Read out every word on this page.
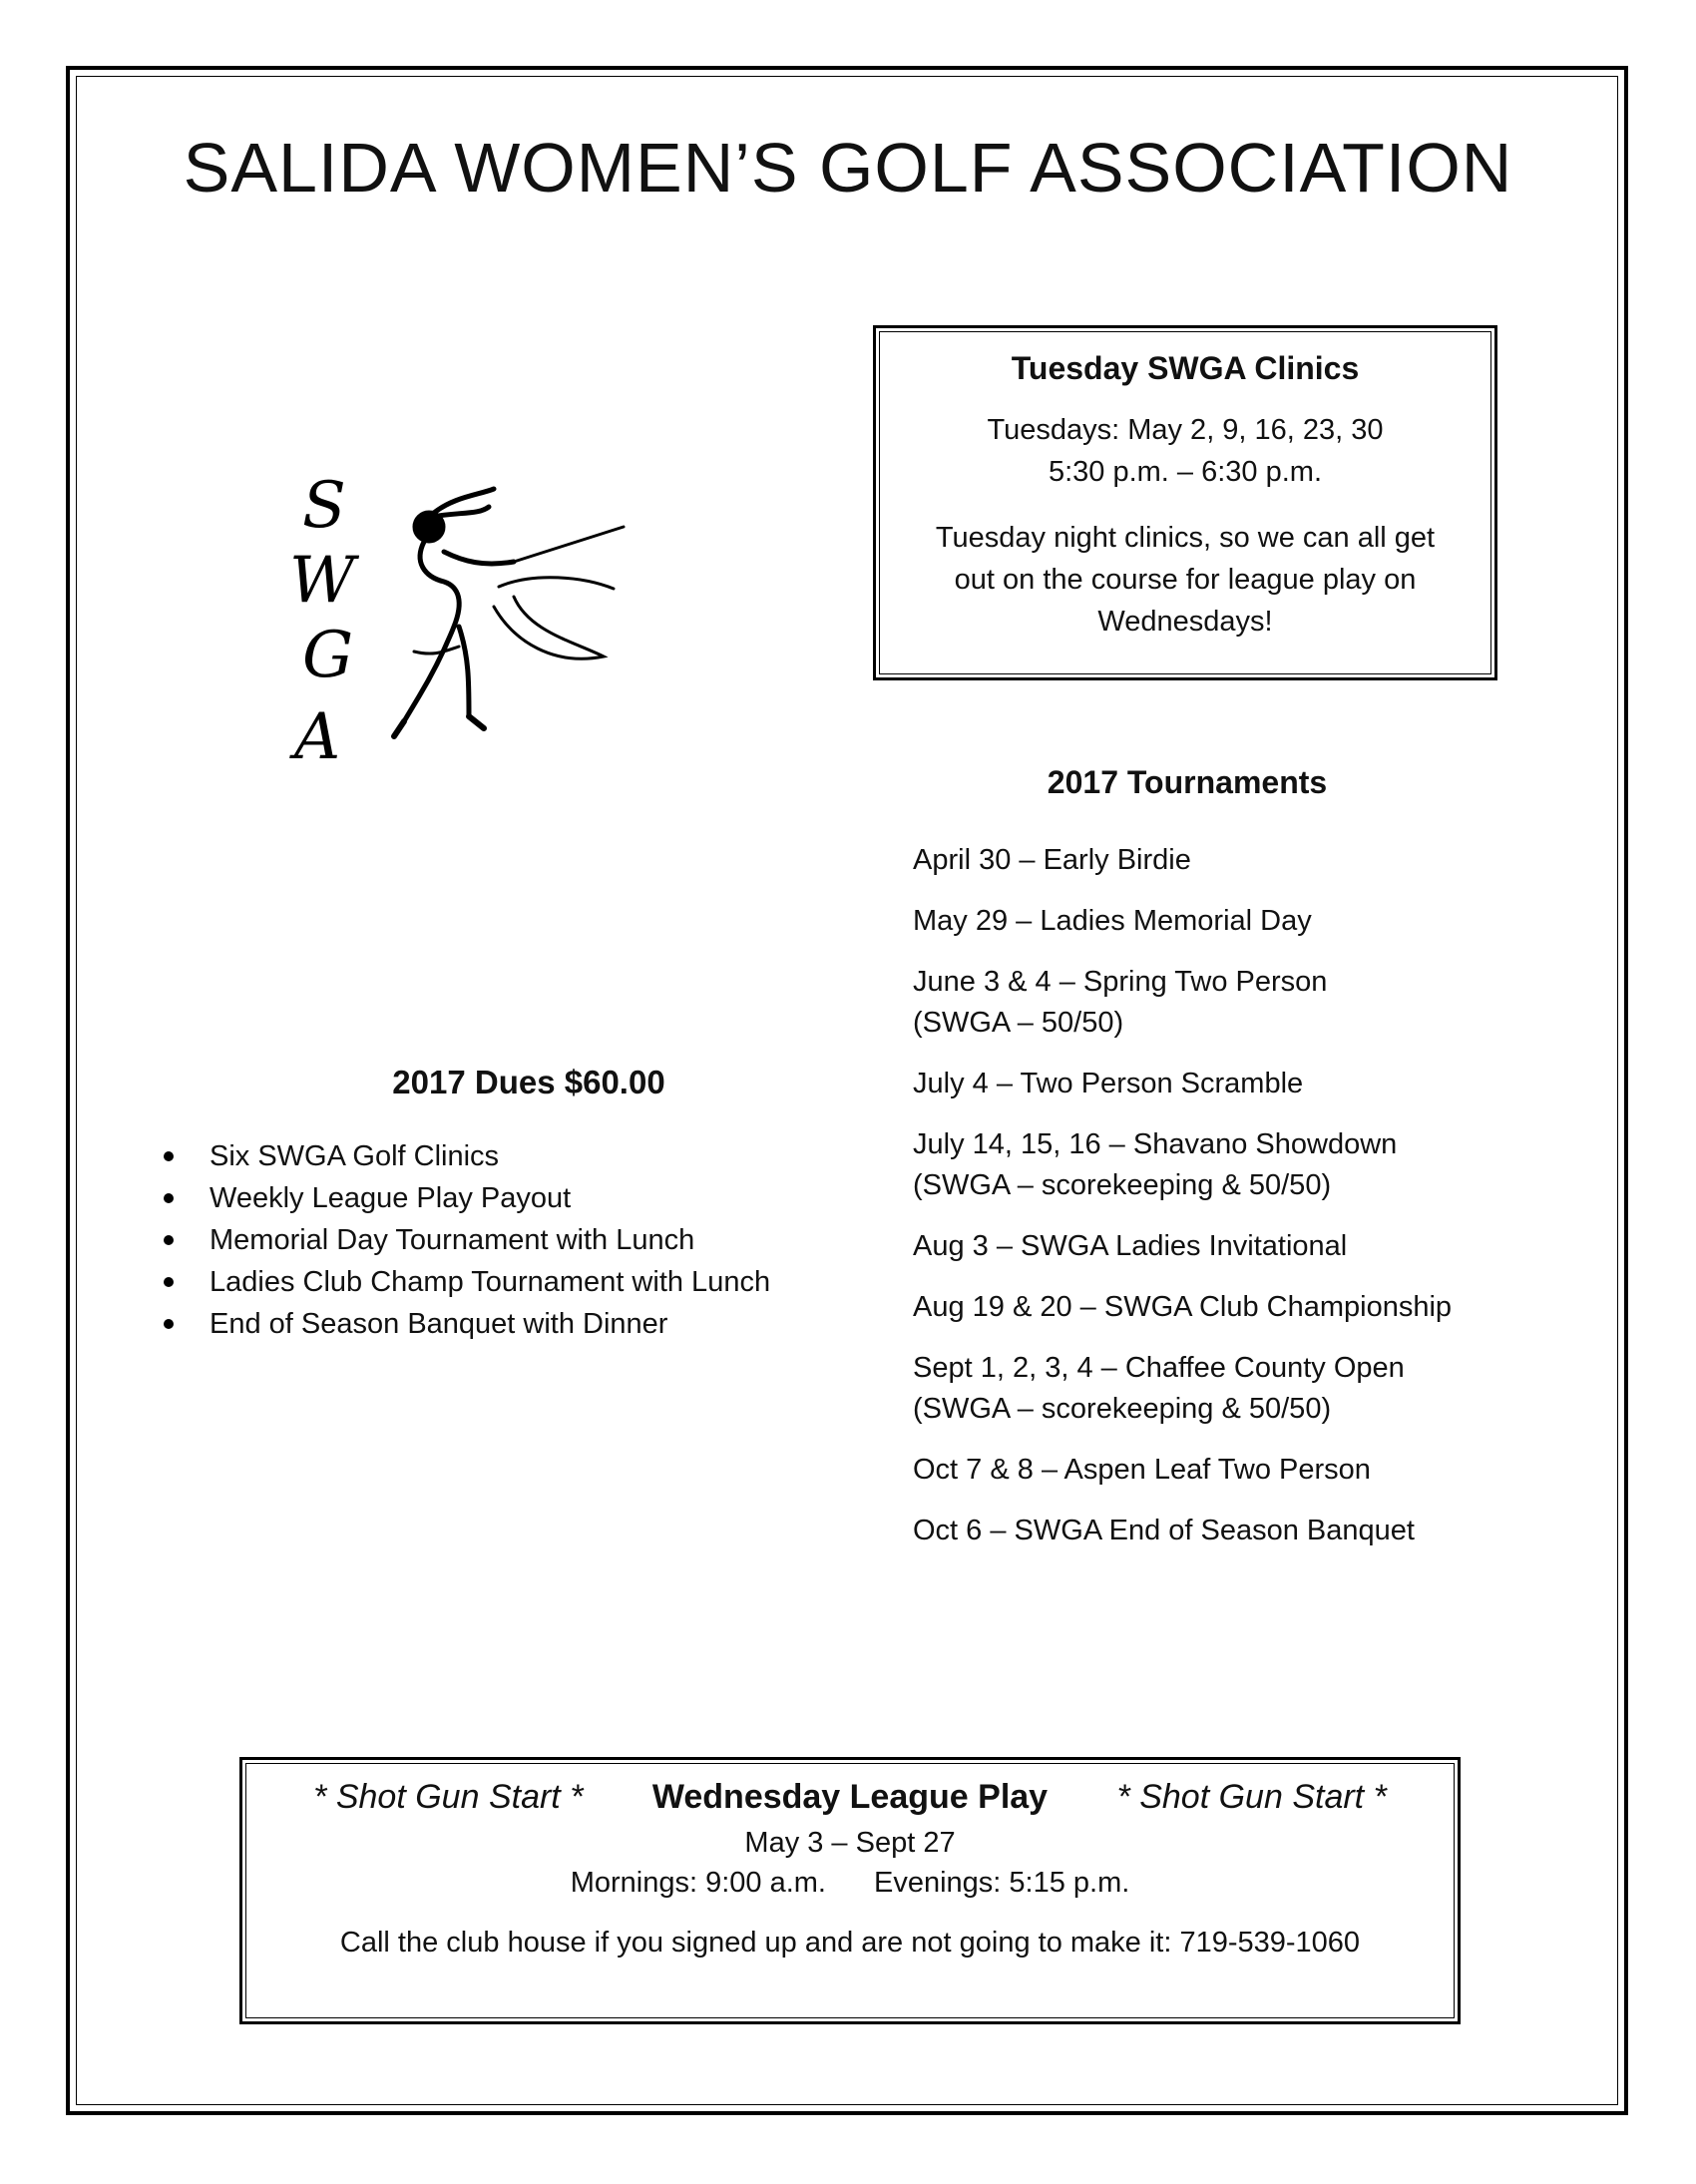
SALIDA WOMEN’S GOLF ASSOCIATION
Tuesday SWGA Clinics
Tuesdays: May 2, 9, 16, 23, 30
5:30 p.m. – 6:30 p.m.
Tuesday night clinics, so we can all get
out on the course for league play on
Wednesdays!
S
W
G
A
2017 Tournaments
April 30 – Early Birdie
May 29 – Ladies Memorial Day
June 3 & 4 – Spring Two Person
(SWGA – 50/50)
July 4 – Two Person Scramble
July 14, 15, 16 – Shavano Showdown
(SWGA – scorekeeping & 50/50)
Aug 3 – SWGA Ladies Invitational
Aug 19 & 20 – SWGA Club Championship
Sept 1, 2, 3, 4 – Chaffee County Open
(SWGA – scorekeeping & 50/50)
Oct 7 & 8 – Aspen Leaf Two Person
Oct 6 – SWGA End of Season Banquet
2017 Dues $60.00
Six SWGA Golf Clinics
Weekly League Play Payout
Memorial Day Tournament with Lunch
Ladies Club Champ Tournament with Lunch
End of Season Banquet with Dinner
* Shot Gun Start * Wednesday League Play * Shot Gun Start *
May 3 – Sept 27
Mornings: 9:00 a.m. Evenings: 5:15 p.m.
Call the club house if you signed up and are not going to make it: 719-539-1060
